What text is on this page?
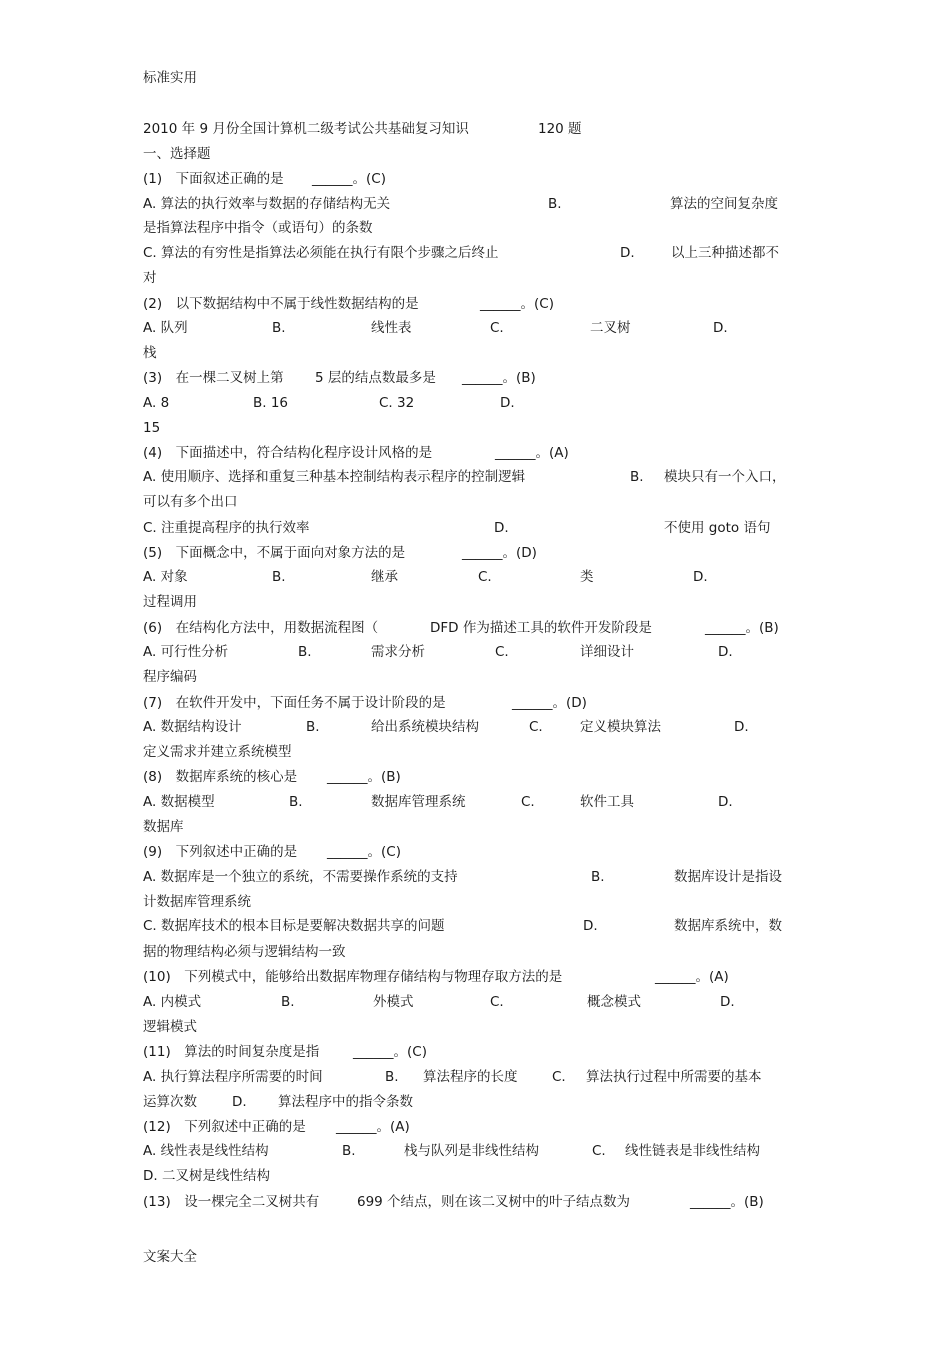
标准实用
2010 年 9 月份全国计算机二级考试公共基础复习知识	120 题
一、选择题
(1)　下面叙述正确的是 ______。(C)
A. 算法的执行效率与数据的存储结构无关	B.	算法的空间复杂度
是指算法程序中指令（或语句）的条数
C. 算法的有穷性是指算法必须能在执行有限个步骤之后终止	D.	以上三种描述都不
对
(2)　以下数据结构中不属于线性数据结构的是	______。(C)
A. 队列	B.	线性表	C.	二叉树	D.
栈
(3)　在一棵二叉树上第 5 层的结点数最多是 ______。(B)
A. 8	B. 16	C. 32	D.
15
(4)　下面描述中，符合结构化程序设计风格的是	______。(A)
A. 使用顺序、选择和重复三种基本控制结构表示程序的控制逻辑	B. 模块只有一个入口，
可以有多个出口
C. 注重提高程序的执行效率	D.	不使用 goto 语句
(5)　下面概念中，不属于面向对象方法的是	______。(D)
A. 对象	B.	继承	C.	类	D.
过程调用
(6)　在结构化方法中，用数据流程图（	DFD 作为描述工具的软件开发阶段是	______。(B)
A. 可行性分析	B.	需求分析	C.	详细设计	D.
程序编码
(7)　在软件开发中，下面任务不属于设计阶段的是	______。(D)
A. 数据结构设计	B.	给出系统模块结构	C.	定义模块算法	D.
定义需求并建立系统模型
(8)　数据库系统的核心是 ______。(B)
A. 数据模型	B.	数据库管理系统	C.	软件工具	D.
数据库
(9)　下列叙述中正确的是 ______。(C)
A. 数据库是一个独立的系统，不需要操作系统的支持	B.	数据库设计是指设
计数据库管理系统
C. 数据库技术的根本目标是要解决数据共享的问题	D.	数据库系统中，数
据的物理结构必须与逻辑结构一致
(10)　下列模式中，能够给出数据库物理存储结构与物理存取方法的是	______。(A)
A. 内模式	B.	外模式	C.	概念模式	D.
逻辑模式
(11)　算法的时间复杂度是指	______。(C)
A. 执行算法程序所需要的时间	B. 算法程序的长度	C. 算法执行过程中所需要的基本
运算次数	D. 算法程序中的指令条数
(12)　下列叙述中正确的是 ______。(A)
A. 线性表是线性结构	B.	栈与队列是非线性结构	C. 线性链表是非线性结构
D. 二叉树是线性结构
(13)　设一棵完全二叉树共有	699 个结点，则在该二叉树中的叶子结点数为	______。(B)
文案大全
